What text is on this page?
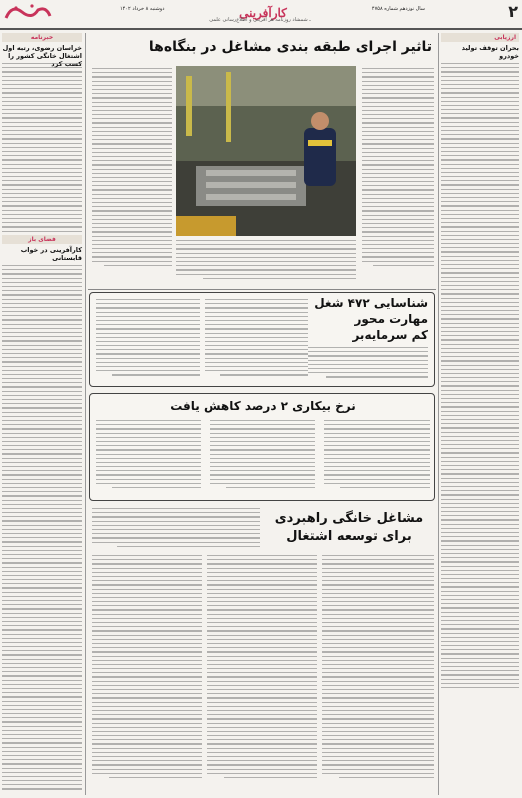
کارآفرینی	سال نوزدهم شماره ۴۷۵۸
دوشنبه ۸ خرداد ۱۴۰۲
ـ شمشاد روزنامه هر آفرینی و اطلاع‌رسانی علمی	۲
خبرنامه
خراسان رضوی، رتبه اول اشتغال خانگی کشور را
فضای باز
کارآفرینی در خواب قابستانی
ارزیابی
بحران توقف تولید خودرو
تاثیر اجرای طبقه بندی مشاغل در بنگاه‌ها
شناسایی ۴۷۲ شغل
مهارت محور
کم سرمایه‌بر
نرخ بیکاری ۲ درصد کاهش یافت
مشاغل خانگی راهبردی
برای توسعه اشتغال
